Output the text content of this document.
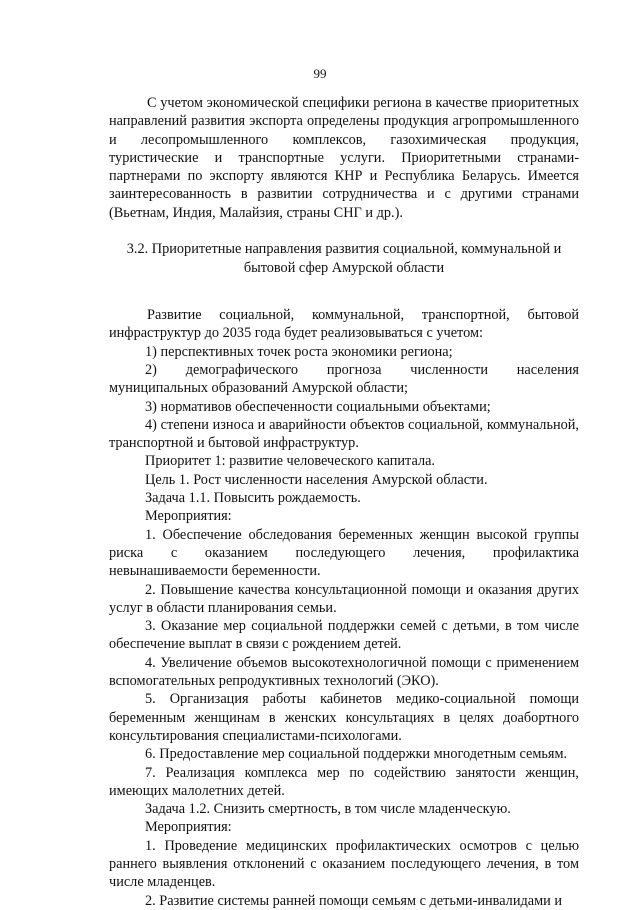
99

С учетом экономической специфики региона в качестве приоритетных направлений развития экспорта определены продукция агропромышленного и лесопромышленного комплексов, газохимическая продукция, туристические и транспортные услуги. Приоритетными странами-партнерами по экспорту являются КНР и Республика Беларусь. Имеется заинтересованность в развитии сотрудничества и с другими странами (Вьетнам, Индия, Малайзия, страны СНГ и др.).

3.2. Приоритетные направления развития социальной, коммунальной и
бытовой сфер Амурской области

Развитие социальной, коммунальной, транспортной, бытовой инфраструктур до 2035 года будет реализовываться с учетом:

1) перспективных точек роста экономики региона;

2) демографического прогноза численности населения муниципальных образований Амурской области;

3) нормативов обеспеченности социальными объектами;

4) степени износа и аварийности объектов социальной, коммунальной, транспортной и бытовой инфраструктур.

Приоритет 1: развитие человеческого капитала.

Цель 1. Рост численности населения Амурской области.

Задача 1.1. Повысить рождаемость.

Мероприятия:

1. Обеспечение обследования беременных женщин высокой группы риска с оказанием последующего лечения, профилактика невынашиваемости беременности.

2. Повышение качества консультационной помощи и оказания других услуг в области планирования семьи.

3. Оказание мер социальной поддержки семей с детьми, в том числе обеспечение выплат в связи с рождением детей.

4. Увеличение объемов высокотехнологичной помощи с применением вспомогательных репродуктивных технологий (ЭКО).

5. Организация работы кабинетов медико-социальной помощи беременным женщинам в женских консультациях в целях доабортного консультирования специалистами-психологами.

6. Предоставление мер социальной поддержки многодетным семьям.

7. Реализация комплекса мер по содействию занятости женщин, имеющих малолетних детей.

Задача 1.2. Снизить смертность, в том числе младенческую.

Мероприятия:

1. Проведение медицинских профилактических осмотров с целью раннего выявления отклонений с оказанием последующего лечения, в том числе младенцев.

2. Развитие системы ранней помощи семьям с детьми-инвалидами и
